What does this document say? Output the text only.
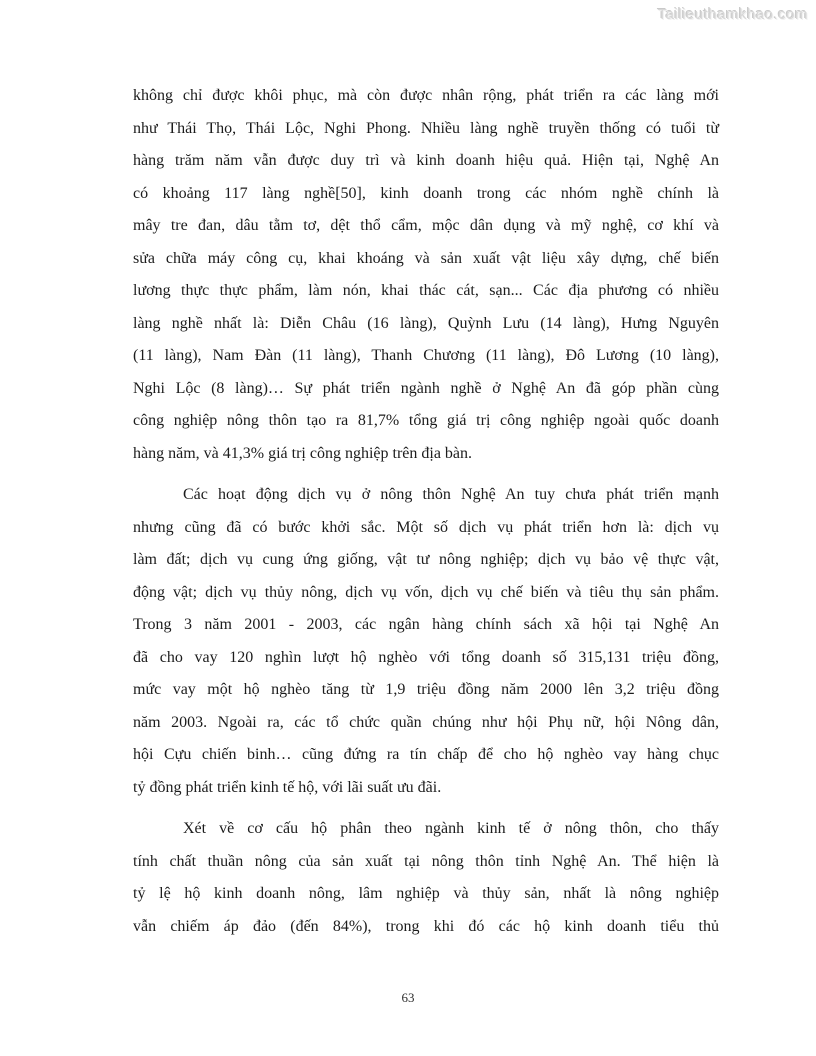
Tailieuthamkhao.com
không chỉ được khôi phục, mà còn được nhân rộng, phát triển ra các làng mới
như Thái Thọ, Thái Lộc, Nghi Phong. Nhiều làng nghề truyền thống có tuổi từ
hàng trăm năm vẫn được duy trì và kinh doanh hiệu quả. Hiện tại, Nghệ An
có khoảng 117 làng nghề[50], kinh doanh trong các nhóm nghề chính là
mây tre đan, dâu tằm tơ, dệt thổ cẩm, mộc dân dụng và mỹ nghệ, cơ khí và
sửa chữa máy công cụ, khai khoáng và sản xuất vật liệu xây dựng, chế biến
lương thực thực phẩm, làm nón, khai thác cát, sạn... Các địa phương có nhiều
làng nghề nhất là: Diễn Châu (16 làng), Quỳnh Lưu (14 làng), Hưng Nguyên
(11 làng), Nam Đàn (11 làng), Thanh Chương (11 làng), Đô Lương (10 làng),
Nghi Lộc (8 làng)… Sự phát triển ngành nghề ở Nghệ An đã góp phần cùng
công nghiệp nông thôn tạo ra 81,7% tổng giá trị công nghiệp ngoài quốc doanh
hàng năm, và 41,3% giá trị công nghiệp trên địa bàn.
Các hoạt động dịch vụ ở nông thôn Nghệ An tuy chưa phát triển mạnh
nhưng cũng đã có bước khởi sắc. Một số dịch vụ phát triển hơn là: dịch vụ
làm đất; dịch vụ cung ứng giống, vật tư nông nghiệp; dịch vụ bảo vệ thực vật,
động vật; dịch vụ thủy nông, dịch vụ vốn, dịch vụ chế biến và tiêu thụ sản phẩm.
Trong 3 năm 2001 - 2003, các ngân hàng chính sách xã hội tại Nghệ An
đã cho vay 120 nghìn lượt hộ nghèo với tổng doanh số 315,131 triệu đồng,
mức vay một hộ nghèo tăng từ 1,9 triệu đồng năm 2000 lên 3,2 triệu đồng
năm 2003. Ngoài ra, các tổ chức quần chúng như hội Phụ nữ, hội Nông dân,
hội Cựu chiến binh… cũng đứng ra tín chấp để cho hộ nghèo vay hàng chục
tỷ đồng phát triển kinh tế hộ, với lãi suất ưu đãi.
Xét về cơ cấu hộ phân theo ngành kinh tế ở nông thôn, cho thấy
tính chất thuần nông của sản xuất tại nông thôn tỉnh Nghệ An. Thể hiện là
tỷ lệ hộ kinh doanh nông, lâm nghiệp và thủy sản, nhất là nông nghiệp
vẫn chiếm áp đảo (đến 84%), trong khi đó các hộ kinh doanh tiểu thủ
63
